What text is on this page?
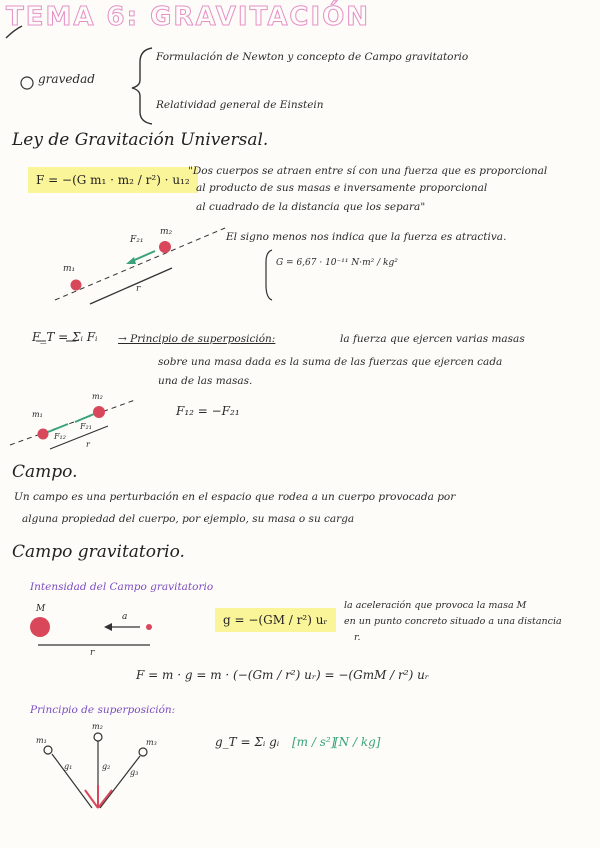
TEMA 6: GRAVITACIÓN
gravedad
Formulación de Newton y concepto de Campo gravitatorio
Relatividad general de Einstein
Ley de Gravitación Universal.
F = −(G m₁ · m₂ / r²) · u₁₂
"Dos cuerpos se atraen entre sí con una fuerza que es proporcional
al producto de sus masas e inversamente proporcional
al cuadrado de la distancia que los separa"
El signo menos nos indica que la fuerza es atractiva.
G = 6,67 · 10⁻¹¹ N·m² / kg²
F₂₁
m₂
m₁
r
F_T = Σᵢ Fᵢ → Principio de superposición:	la fuerza que ejercen varias masas
sobre una masa dada es la suma de las fuerzas que ejercen cada
una de las masas.
F₁₂ = −F₂₁
m₁
m₂
F₁₂
F₂₁
r
Campo.
Un campo es una perturbación en el espacio que rodea a un cuerpo provocada por
alguna propiedad del cuerpo, por ejemplo, su masa o su carga
Campo gravitatorio.
Intensidad del Campo gravitatorio
M
a
r
g = −(GM / r²) uᵣ
la aceleración que provoca la masa M
en un punto concreto situado a una distancia
r.
F = m · g = m · (−(Gm / r²) uᵣ) = −(GmM / r²) uᵣ
Principio de superposición:
g_T = Σᵢ gᵢ [m / s²]
[N / kg]
m₁
m₂
m₃
g₁	g₂
g₃
